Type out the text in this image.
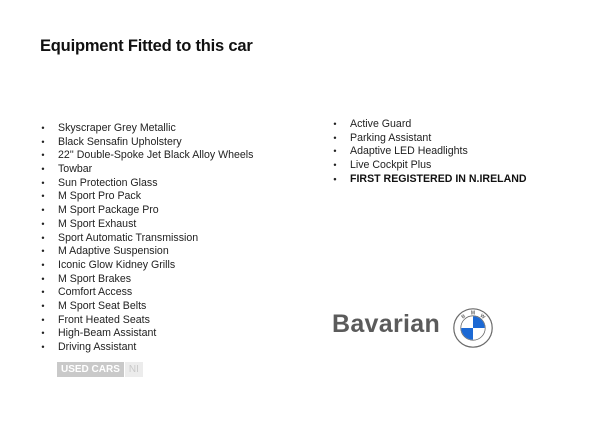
Equipment Fitted to this car
•	Skyscraper Grey Metallic
•	Black Sensafin Upholstery
•	22'' Double-Spoke Jet Black Alloy Wheels
•	Towbar
•	Sun Protection Glass
•	M Sport Pro Pack
•	M Sport Package Pro
•	M Sport Exhaust
•	Sport Automatic Transmission
•	M Adaptive Suspension
•	Iconic Glow Kidney Grills
•	M Sport Brakes
•	Comfort Access
•	M Sport Seat Belts
•	Front Heated Seats
•	High-Beam Assistant
•	Driving Assistant
•	Active Guard
•	Parking Assistant
•	Adaptive LED Headlights
•	Live Cockpit Plus
•	FIRST REGISTERED IN N.IRELAND
USED CARS NI
Bavarian	B
M W
